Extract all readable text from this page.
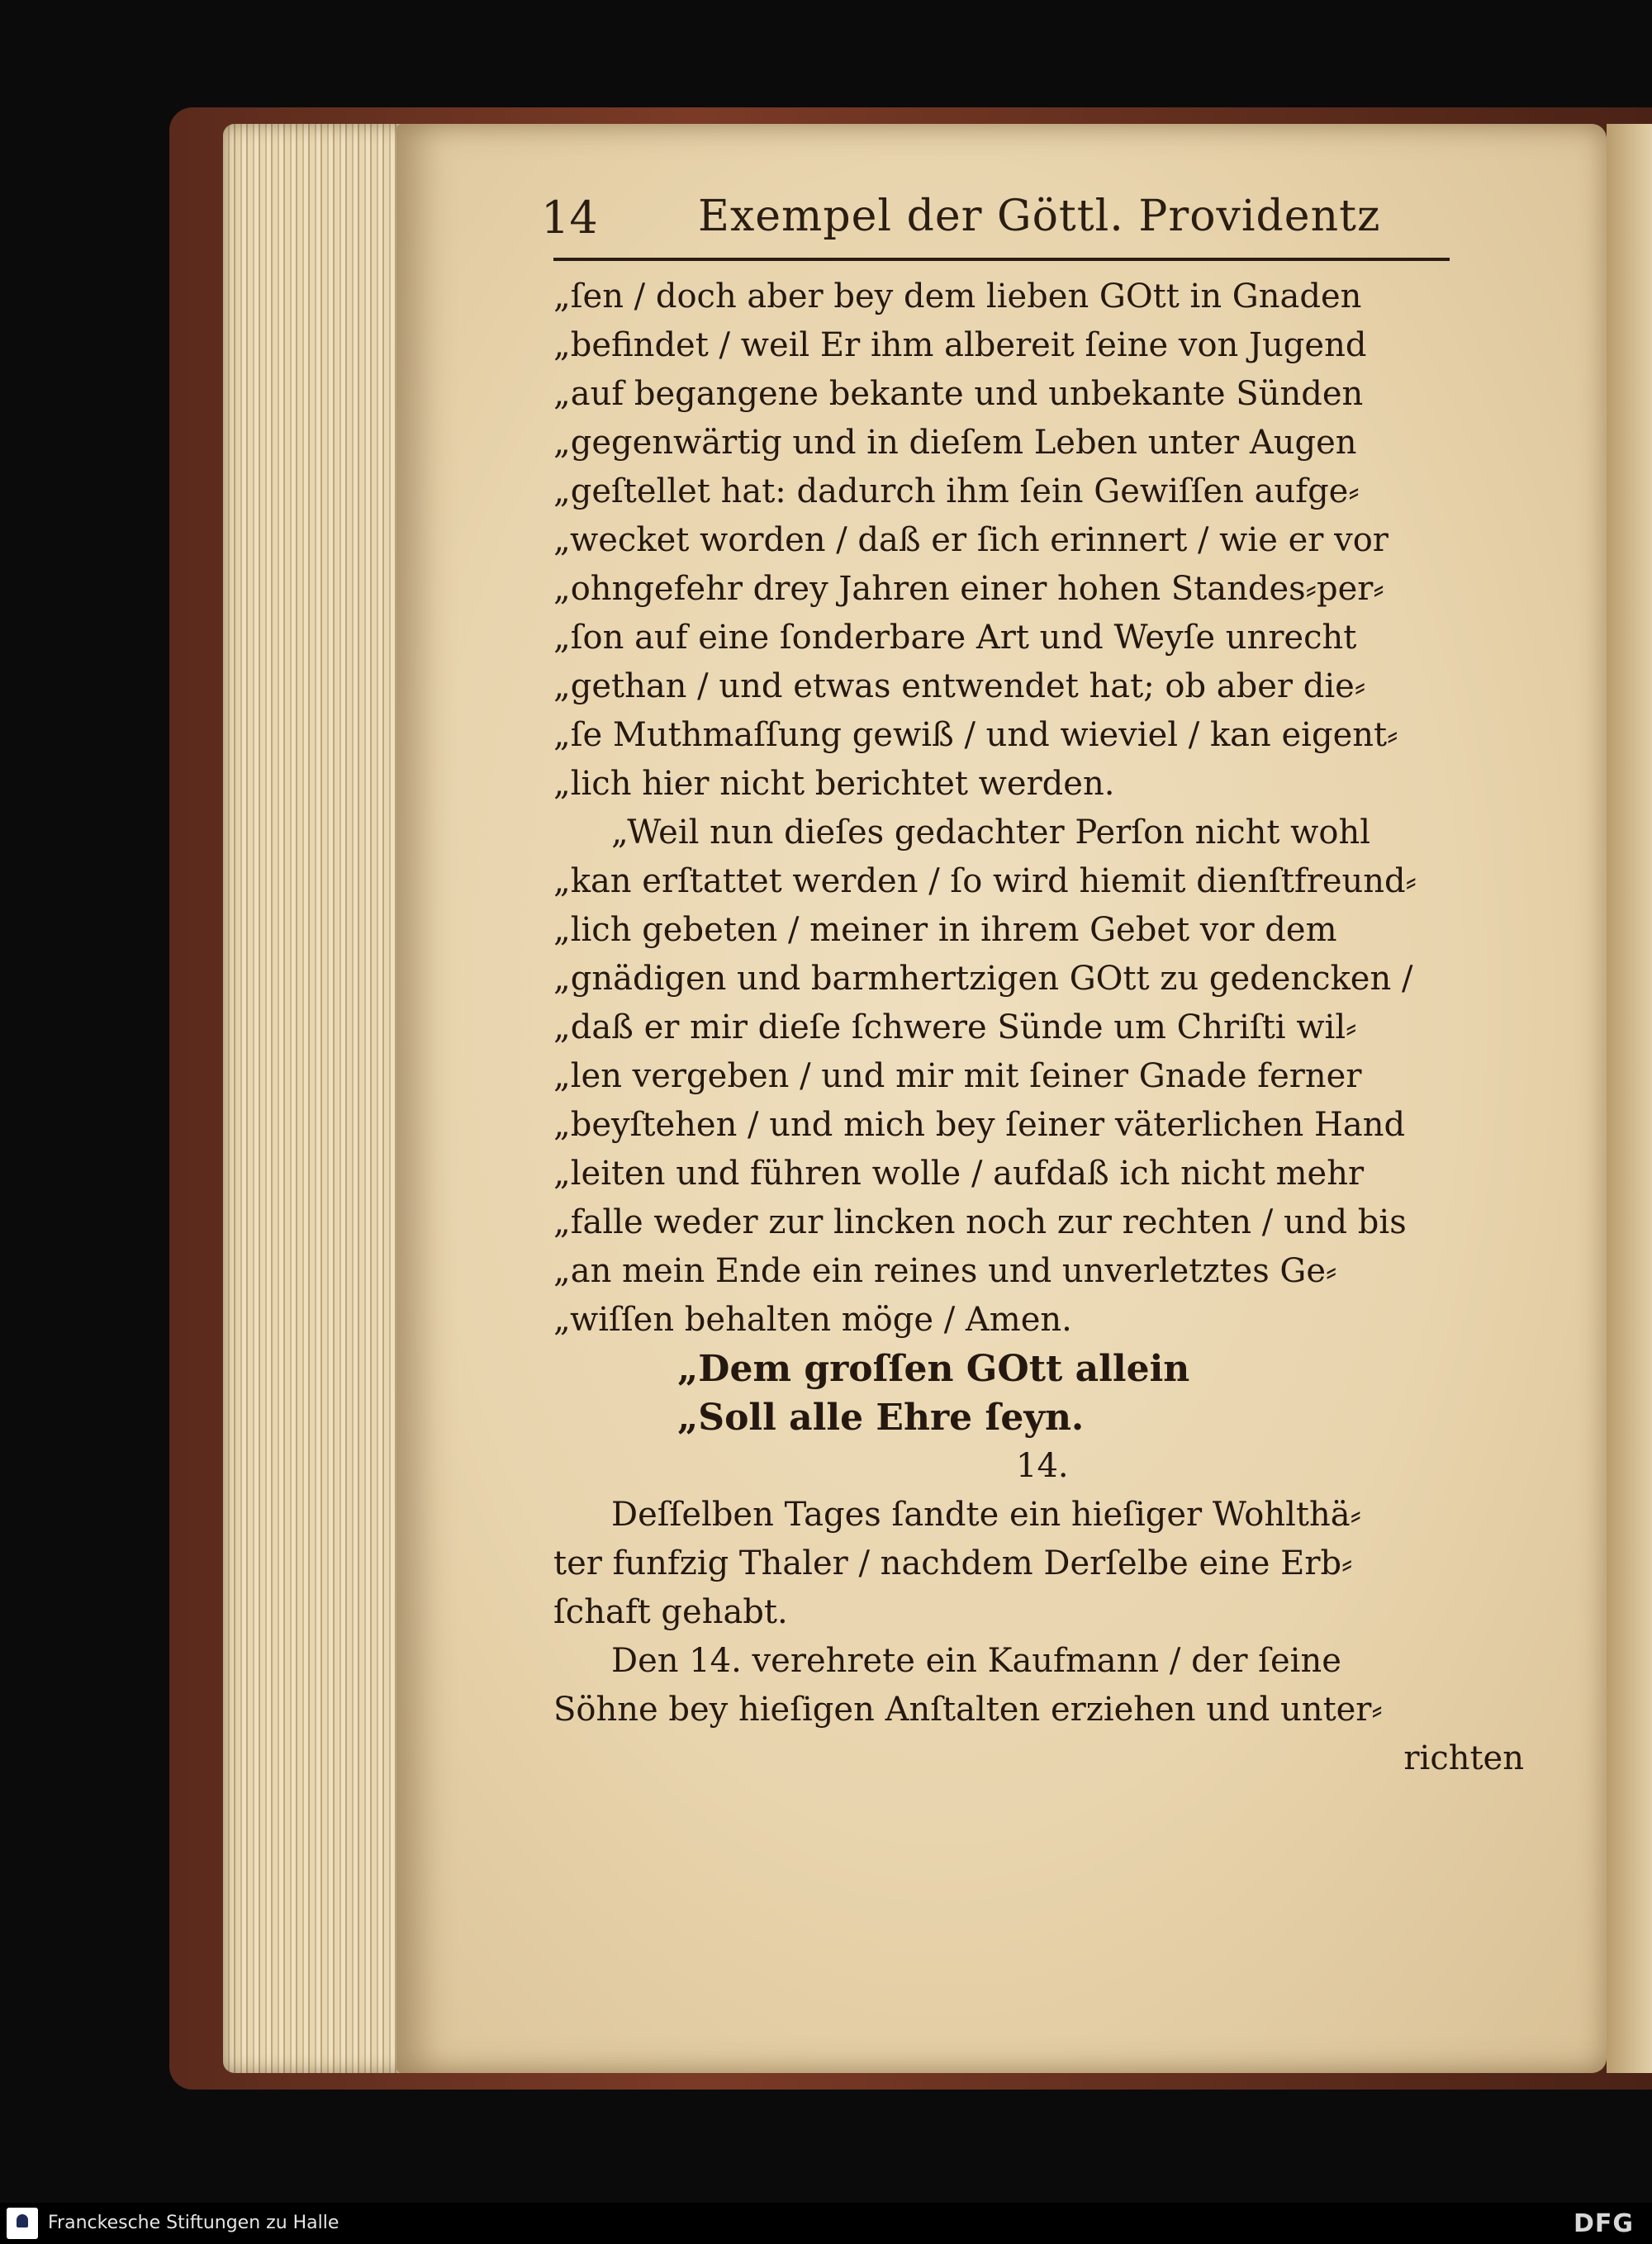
14 Exempel der Göttl. Providentz
„ſen / doch aber bey dem lieben GOtt in Gnaden
„befindet / weil Er ihm albereit ſeine von Jugend
„auf begangene bekante und unbekante Sünden
„gegenwärtig und in dieſem Leben unter Augen
„geſtellet hat: dadurch ihm ſein Gewiſſen aufge⸗
„wecket worden / daß er ſich erinnert / wie er vor
„ohngefehr drey Jahren einer hohen Standes⸗per⸗
„ſon auf eine ſonderbare Art und Weyſe unrecht
„gethan / und etwas entwendet hat; ob aber die⸗
„ſe Muthmaſſung gewiß / und wieviel / kan eigent⸗
„lich hier nicht berichtet werden.
„Weil nun dieſes gedachter Perſon nicht wohl
„kan erſtattet werden / ſo wird hiemit dienſtfreund⸗
„lich gebeten / meiner in ihrem Gebet vor dem
„gnädigen und barmhertzigen GOtt zu gedencken /
„daß er mir dieſe ſchwere Sünde um Chriſti wil⸗
„len vergeben / und mir mit ſeiner Gnade ferner
„beyſtehen / und mich bey ſeiner väterlichen Hand
„leiten und führen wolle / aufdaß ich nicht mehr
„falle weder zur lincken noch zur rechten / und bis
„an mein Ende ein reines und unverletztes Ge⸗
„wiſſen behalten möge / Amen.
„Dem groſſen GOtt allein
„Soll alle Ehre ſeyn.
14.
Deſſelben Tages ſandte ein hieſiger Wohlthä⸗
ter funfzig Thaler / nachdem Derſelbe eine Erb⸗
ſchaft gehabt.
Den 14. verehrete ein Kaufmann / der ſeine
Söhne bey hieſigen Anſtalten erziehen und unter⸗
richten
Franckesche Stiftungen zu Halle	DFG
